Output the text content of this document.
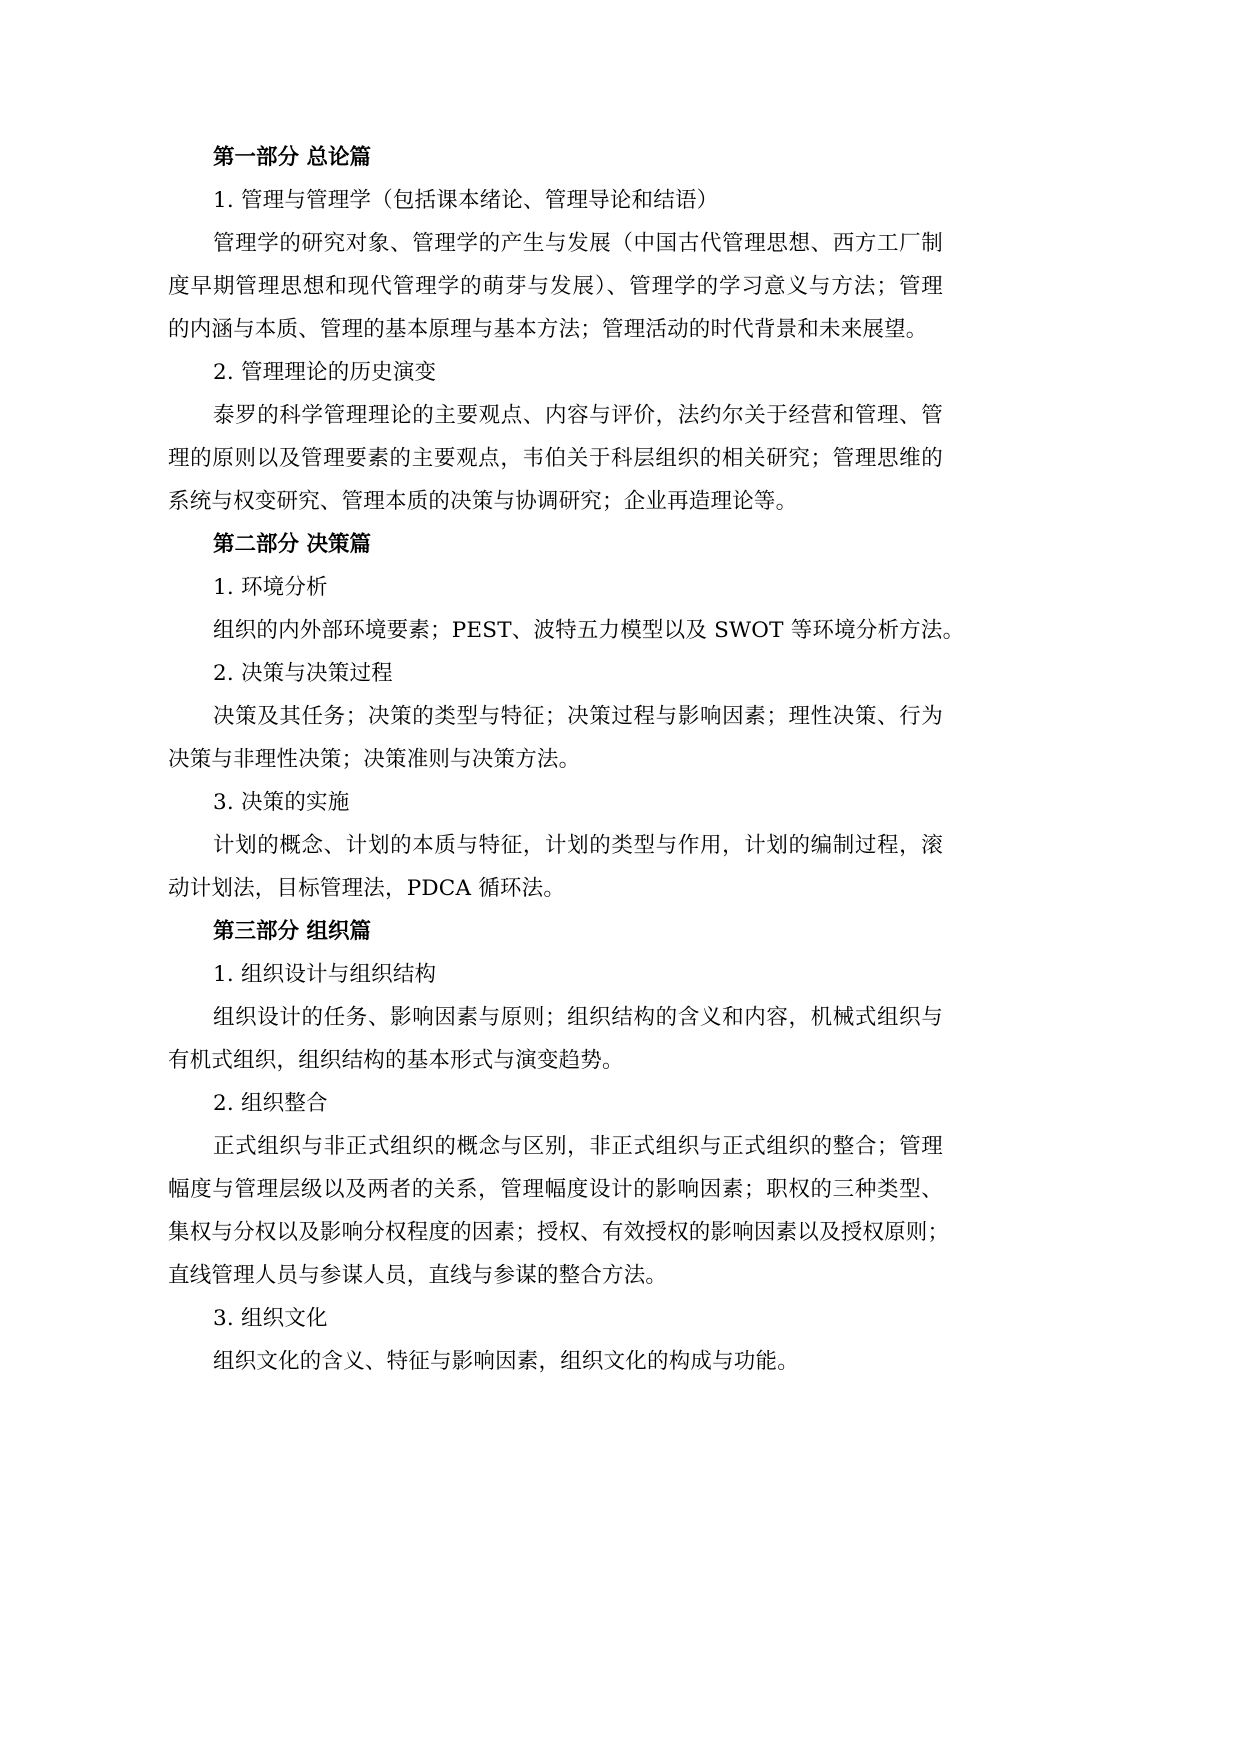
第一部分 总论篇
1. 管理与管理学（包括课本绪论、管理导论和结语）
管理学的研究对象、管理学的产生与发展（中国古代管理思想、西方工厂制
度早期管理思想和现代管理学的萌芽与发展）、管理学的学习意义与方法；管理
的内涵与本质、管理的基本原理与基本方法；管理活动的时代背景和未来展望。
2. 管理理论的历史演变
泰罗的科学管理理论的主要观点、内容与评价，法约尔关于经营和管理、管
理的原则以及管理要素的主要观点，韦伯关于科层组织的相关研究；管理思维的
系统与权变研究、管理本质的决策与协调研究；企业再造理论等。
第二部分 决策篇
1. 环境分析
组织的内外部环境要素；PEST、波特五力模型以及 SWOT 等环境分析方法。
2. 决策与决策过程
决策及其任务；决策的类型与特征；决策过程与影响因素；理性决策、行为
决策与非理性决策；决策准则与决策方法。
3. 决策的实施
计划的概念、计划的本质与特征，计划的类型与作用，计划的编制过程，滚
动计划法，目标管理法，PDCA 循环法。
第三部分 组织篇
1. 组织设计与组织结构
组织设计的任务、影响因素与原则；组织结构的含义和内容，机械式组织与
有机式组织，组织结构的基本形式与演变趋势。
2. 组织整合
正式组织与非正式组织的概念与区别，非正式组织与正式组织的整合；管理
幅度与管理层级以及两者的关系，管理幅度设计的影响因素；职权的三种类型、
集权与分权以及影响分权程度的因素；授权、有效授权的影响因素以及授权原则；
直线管理人员与参谋人员，直线与参谋的整合方法。
3. 组织文化
组织文化的含义、特征与影响因素，组织文化的构成与功能。
